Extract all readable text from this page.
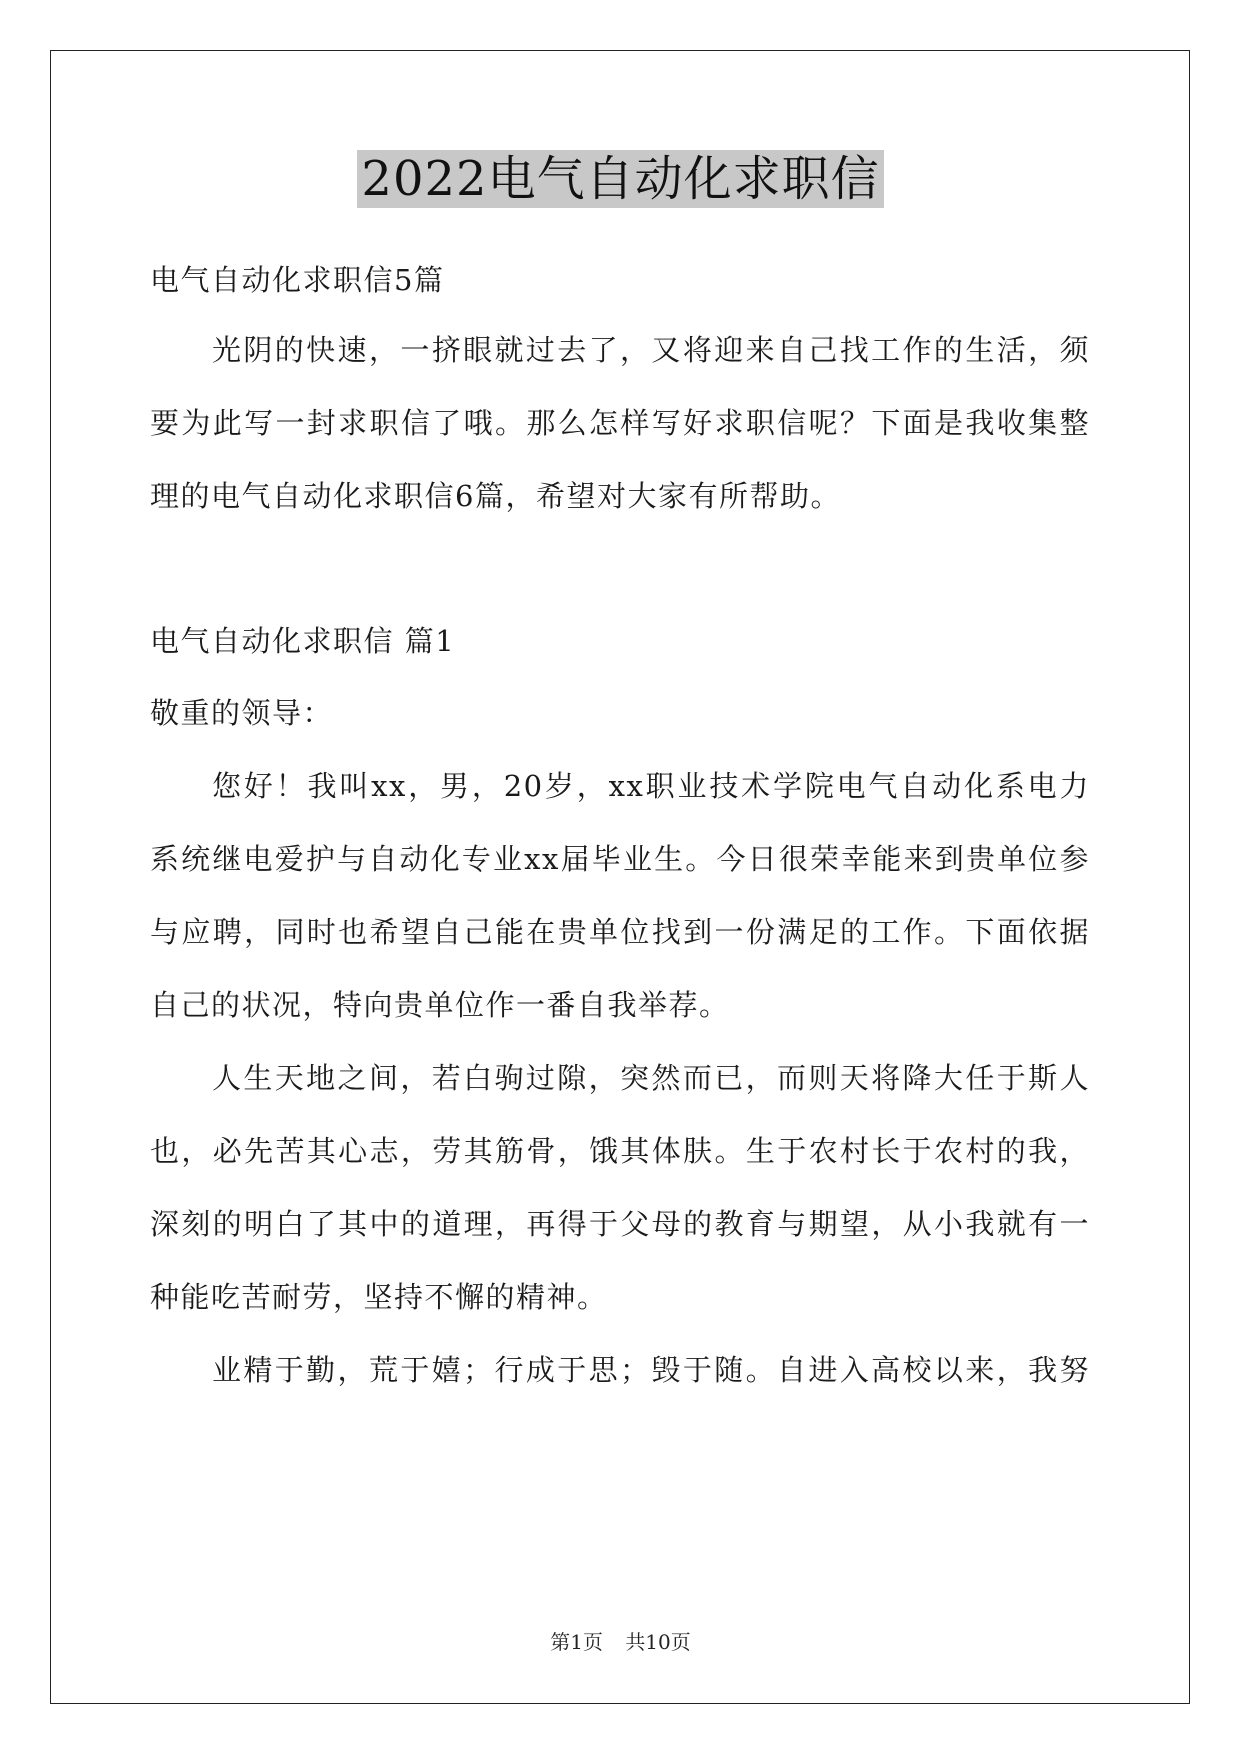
2022电气自动化求职信
电气自动化求职信5篇
光阴的快速，一挤眼就过去了，又将迎来自己找工作的生活，须
要为此写一封求职信了哦。那么怎样写好求职信呢？下面是我收集整
理的电气自动化求职信6篇，希望对大家有所帮助。
电气自动化求职信 篇1
敬重的领导：
您好！我叫xx，男，20岁，xx职业技术学院电气自动化系电力
系统继电爱护与自动化专业xx届毕业生。今日很荣幸能来到贵单位参
与应聘，同时也希望自己能在贵单位找到一份满足的工作。下面依据
自己的状况，特向贵单位作一番自我举荐。
人生天地之间，若白驹过隙，突然而已，而则天将降大任于斯人
也，必先苦其心志，劳其筋骨，饿其体肤。生于农村长于农村的我，
深刻的明白了其中的道理，再得于父母的教育与期望，从小我就有一
种能吃苦耐劳，坚持不懈的精神。
业精于勤，荒于嬉；行成于思；毁于随。自进入高校以来，我努
第1页 共10页
